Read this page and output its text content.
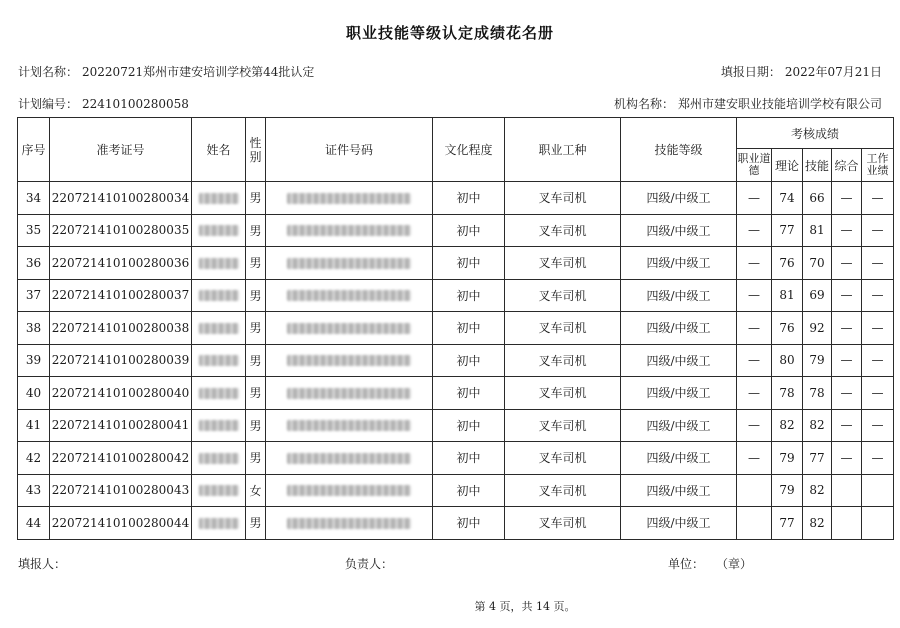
职业技能等级认定成绩花名册
计划名称： 20220721郑州市建安培训学校第44批认定	填报日期： 2022年07月21日
计划编号： 22410100280058	机构名称： 郑州市建安职业技能培训学校有限公司
序号	准考证号	姓名	性别	证件号码	文化程度	职业工种	技能等级	考核成绩				
								职业道德	理论	技能	综合	工作业绩
34	220721410100280034		男		初中	叉车司机	四级/中级工	—	74	66	—	—
35	220721410100280035		男		初中	叉车司机	四级/中级工	—	77	81	—	—
36	220721410100280036		男		初中	叉车司机	四级/中级工	—	76	70	—	—
37	220721410100280037		男		初中	叉车司机	四级/中级工	—	81	69	—	—
38	220721410100280038		男		初中	叉车司机	四级/中级工	—	76	92	—	—
39	220721410100280039		男		初中	叉车司机	四级/中级工	—	80	79	—	—
40	220721410100280040		男		初中	叉车司机	四级/中级工	—	78	78	—	—
41	220721410100280041		男		初中	叉车司机	四级/中级工	—	82	82	—	—
42	220721410100280042		男		初中	叉车司机	四级/中级工	—	79	77	—	—
43	220721410100280043		女		初中	叉车司机	四级/中级工		79	82		
44	220721410100280044		男		初中	叉车司机	四级/中级工		77	82		
填报人：	负责人：	单位： （章）
第 4 页，共 14 页。
